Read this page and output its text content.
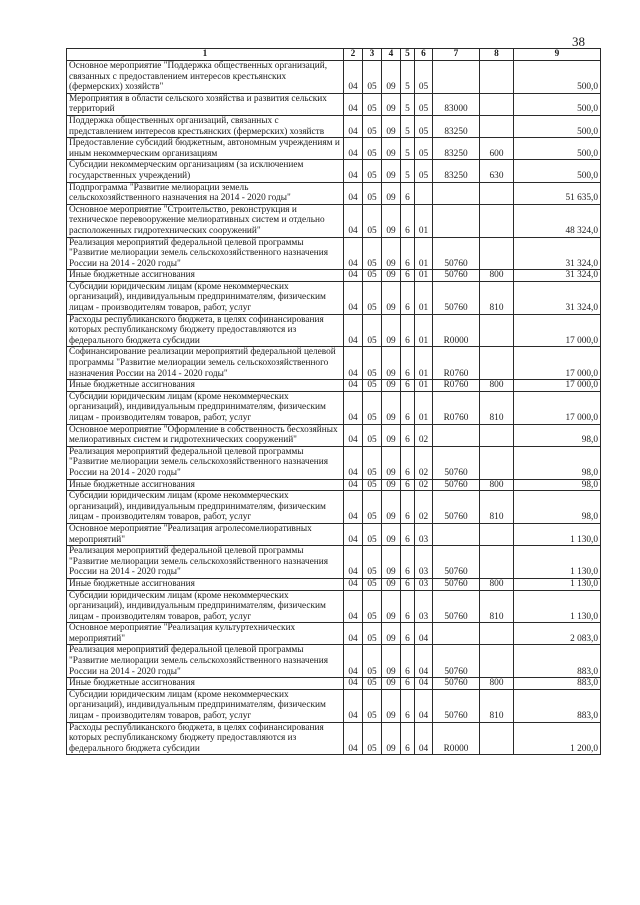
38
1	2	3	4	5	6	7	8	9
Основное мероприятие "Поддержка общественных организаций, связанных с предоставлением интересов крестьянских (фермерских) хозяйств"	04	05	09	5	05			500,0
Мероприятия в области сельского хозяйства и развития сельских территорий	04	05	09	5	05	83000		500,0
Поддержка общественных организаций, связанных с представлением интересов крестьянских (фермерских) хозяйств	04	05	09	5	05	83250		500,0
Предоставление субсидий бюджетным, автономным учреждениям и иным некоммерческим организациям	04	05	09	5	05	83250	600	500,0
Субсидии некоммерческим организациям (за исключением государственных учреждений)	04	05	09	5	05	83250	630	500,0
Подпрограмма "Развитие мелиорации земель сельскохозяйственного назначения на 2014 - 2020 годы"	04	05	09	6				51 635,0
Основное мероприятие "Строительство, реконструкция и техническое перевооружение мелиоративных систем и отдельно расположенных гидротехнических сооружений"	04	05	09	6	01			48 324,0
Реализация мероприятий федеральной целевой программы "Развитие мелиорации земель сельскохозяйственного назначения России на 2014 - 2020 годы"	04	05	09	6	01	50760		31 324,0
Иные бюджетные ассигнования	04	05	09	6	01	50760	800	31 324,0
Субсидии юридическим лицам (кроме некоммерческих организаций), индивидуальным предпринимателям, физическим лицам - производителям товаров, работ, услуг	04	05	09	6	01	50760	810	31 324,0
Расходы республиканского бюджета, в целях софинансирования которых республиканскому бюджету предоставляются из федерального бюджета субсидии	04	05	09	6	01	R0000		17 000,0
Софинансирование реализации мероприятий федеральной целевой программы "Развитие мелиорации земель сельскохозяйственного назначения России на 2014 - 2020 годы"	04	05	09	6	01	R0760		17 000,0
Иные бюджетные ассигнования	04	05	09	6	01	R0760	800	17 000,0
Субсидии юридическим лицам (кроме некоммерческих организаций), индивидуальным предпринимателям, физическим лицам - производителям товаров, работ, услуг	04	05	09	6	01	R0760	810	17 000,0
Основное мероприятие "Оформление в собственность бесхозяйных мелиоративных систем и гидротехнических сооружений"	04	05	09	6	02			98,0
Реализация мероприятий федеральной целевой программы "Развитие мелиорации земель сельскохозяйственного назначения России на 2014 - 2020 годы"	04	05	09	6	02	50760		98,0
Иные бюджетные ассигнования	04	05	09	6	02	50760	800	98,0
Субсидии юридическим лицам (кроме некоммерческих организаций), индивидуальным предпринимателям, физическим лицам - производителям товаров, работ, услуг	04	05	09	6	02	50760	810	98,0
Основное мероприятие "Реализация агролесомелиоративных мероприятий"	04	05	09	6	03			1 130,0
Реализация мероприятий федеральной целевой программы "Развитие мелиорации земель сельскохозяйственного назначения России на 2014 - 2020 годы"	04	05	09	6	03	50760		1 130,0
Иные бюджетные ассигнования	04	05	09	6	03	50760	800	1 130,0
Субсидии юридическим лицам (кроме некоммерческих организаций), индивидуальным предпринимателям, физическим лицам - производителям товаров, работ, услуг	04	05	09	6	03	50760	810	1 130,0
Основное мероприятие "Реализация культуртехнических мероприятий"	04	05	09	6	04			2 083,0
Реализация мероприятий федеральной целевой программы "Развитие мелиорации земель сельскохозяйственного назначения России на 2014 - 2020 годы"	04	05	09	6	04	50760		883,0
Иные бюджетные ассигнования	04	05	09	6	04	50760	800	883,0
Субсидии юридическим лицам (кроме некоммерческих организаций), индивидуальным предпринимателям, физическим лицам - производителям товаров, работ, услуг	04	05	09	6	04	50760	810	883,0
Расходы республиканского бюджета, в целях софинансирования которых республиканскому бюджету предоставляются из федерального бюджета субсидии	04	05	09	6	04	R0000		1 200,0
